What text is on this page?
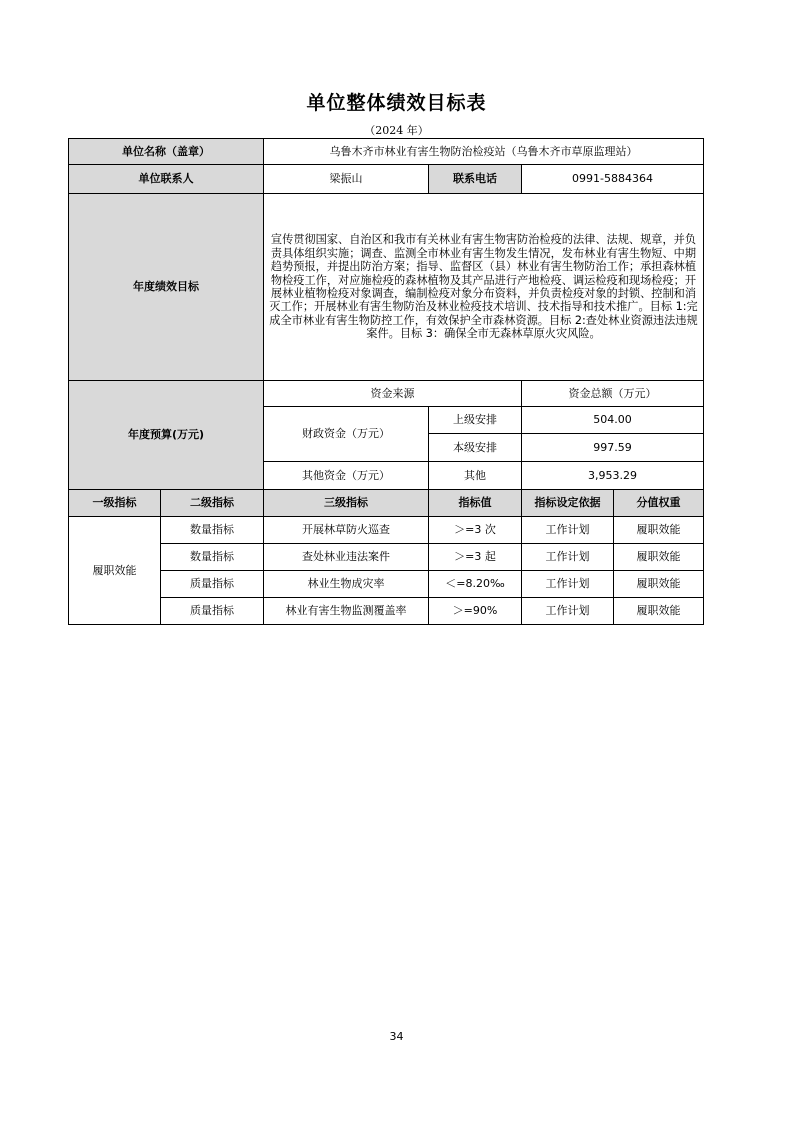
单位整体绩效目标表
（2024 年）
单位名称（盖章）		乌鲁木齐市林业有害生物防治检疫站（乌鲁木齐市草原监理站）			
单位联系人		梁振山	联系电话	0991-5884364	
年度绩效目标		宣传贯彻国家、自治区和我市有关林业有害生物害防治检疫的法律、法规、规章，并负责具体组织实施；调查、监测全市林业有害生物发生情况，发布林业有害生物短、中期趋势预报，并提出防治方案；指导、监督区（县）林业有害生物防治工作；承担森林植物检疫工作，对应施检疫的森林植物及其产品进行产地检疫、调运检疫和现场检疫；开展林业植物检疫对象调查，编制检疫对象分布资料，并负责检疫对象的封锁、控制和消灭工作；开展林业有害生物防治及林业检疫技术培训、技术指导和技术推广。目标 1:完成全市林业有害生物防控工作，有效保护全市森林资源。目标 2:查处林业资源违法违规案件。目标 3：确保全市无森林草原火灾风险。			
年度预算(万元)		资金来源		资金总额（万元）	
		财政资金（万元）	上级安排	504.00	
			本级安排	997.59	
		其他资金（万元）	其他	3,953.29	
一级指标	二级指标	三级指标	指标值	指标设定依据	分值权重
履职效能	数量指标	开展林草防火巡查	＞=3 次	工作计划	履职效能
	数量指标	查处林业违法案件	＞=3 起	工作计划	履职效能
	质量指标	林业生物成灾率	＜=8.20‰	工作计划	履职效能
	质量指标	林业有害生物监测覆盖率	＞=90%	工作计划	履职效能
34
